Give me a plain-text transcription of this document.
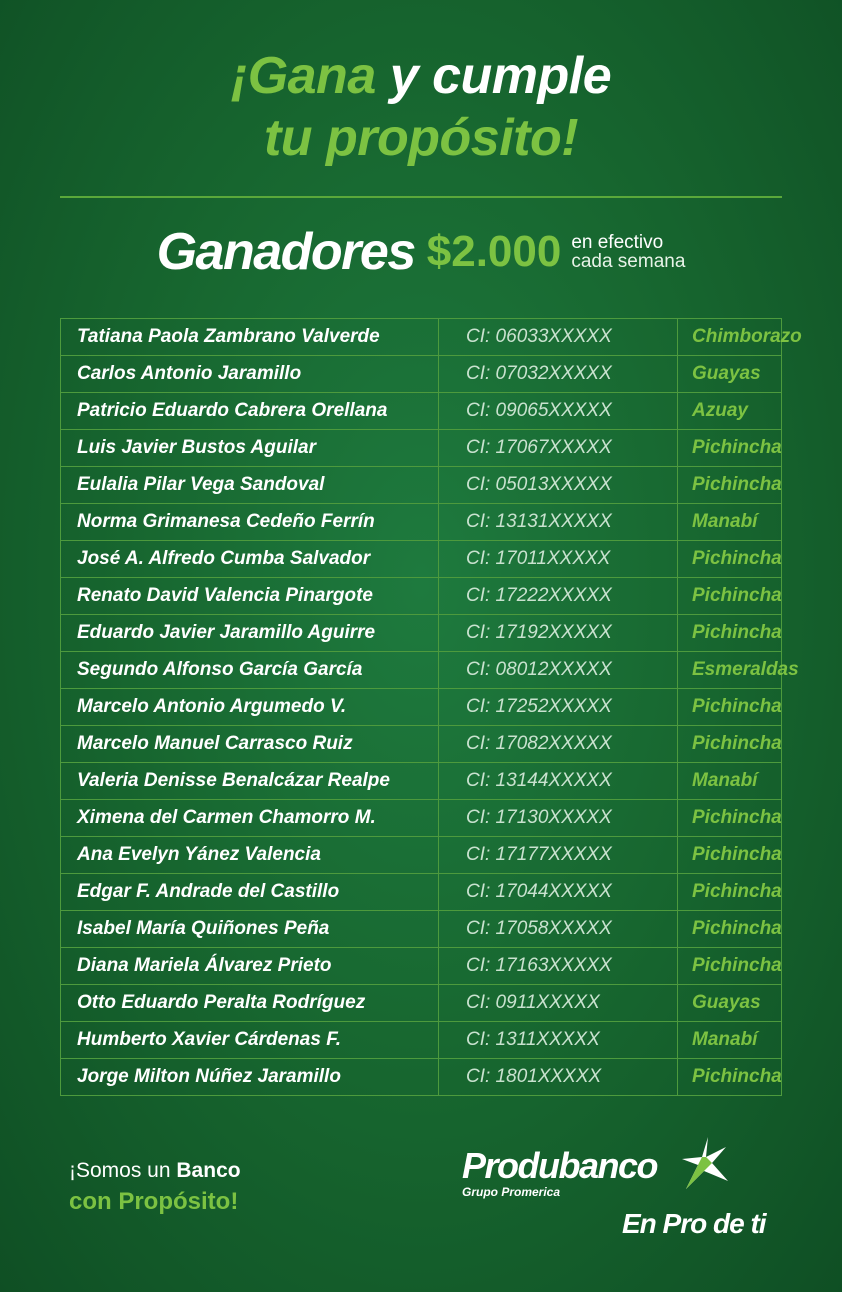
¡Gana y cumple
tu propósito!
Ganadores $2.000 en efectivo
cada semana
Tatiana Paola Zambrano Valverde	CI: 06033XXXXX	Chimborazo
Carlos Antonio Jaramillo	CI: 07032XXXXX	Guayas
Patricio Eduardo Cabrera Orellana	CI: 09065XXXXX	Azuay
Luis Javier Bustos Aguilar	CI: 17067XXXXX	Pichincha
Eulalia Pilar Vega Sandoval	CI: 05013XXXXX	Pichincha
Norma Grimanesa Cedeño Ferrín	CI: 13131XXXXX	Manabí
José A. Alfredo Cumba Salvador	CI: 17011XXXXX	Pichincha
Renato David Valencia Pinargote	CI: 17222XXXXX	Pichincha
Eduardo Javier Jaramillo Aguirre	CI: 17192XXXXX	Pichincha
Segundo Alfonso García García	CI: 08012XXXXX	Esmeraldas
Marcelo Antonio Argumedo V.	CI: 17252XXXXX	Pichincha
Marcelo Manuel Carrasco Ruiz	CI: 17082XXXXX	Pichincha
Valeria Denisse Benalcázar Realpe	CI: 13144XXXXX	Manabí
Ximena del Carmen Chamorro M.	CI: 17130XXXXX	Pichincha
Ana Evelyn Yánez Valencia	CI: 17177XXXXX	Pichincha
Edgar F. Andrade del Castillo	CI: 17044XXXXX	Pichincha
Isabel María Quiñones Peña	CI: 17058XXXXX	Pichincha
Diana Mariela Álvarez Prieto	CI: 17163XXXXX	Pichincha
Otto Eduardo Peralta Rodríguez	CI: 0911XXXXX	Guayas
Humberto Xavier Cárdenas F.	CI: 1311XXXXX	Manabí
Jorge Milton Núñez Jaramillo	CI: 1801XXXXX	Pichincha
¡Somos un Banco
con Propósito!
Produbanco
Grupo Promerica
En Pro de ti
